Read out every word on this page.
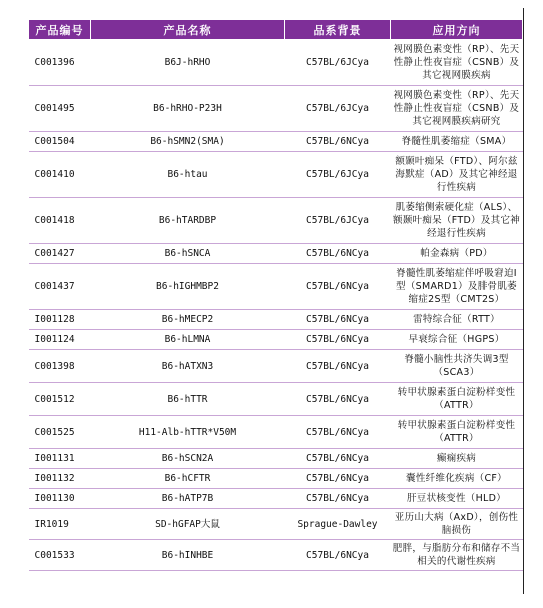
产品编号	产品名称	品系背景	应用方向
C001396	B6J-hRHO	C57BL/6JCya	视网膜色素变性（RP）、先天性静止性夜盲症（CSNB）及其它视网膜疾病
C001495	B6-hRHO-P23H	C57BL/6JCya	视网膜色素变性（RP）、先天性静止性夜盲症（CSNB）及其它视网膜疾病研究
C001504	B6-hSMN2(SMA)	C57BL/6NCya	脊髓性肌萎缩症（SMA）
C001410	B6-htau	C57BL/6JCya	额颞叶痴呆（FTD）、阿尔兹海默症（AD）及其它神经退行性疾病
C001418	B6-hTARDBP	C57BL/6JCya	肌萎缩侧索硬化症（ALS）、额颞叶痴呆（FTD）及其它神经退行性疾病
C001427	B6-hSNCA	C57BL/6NCya	帕金森病（PD）
C001437	B6-hIGHMBP2	C57BL/6NCya	脊髓性肌萎缩症伴呼吸窘迫I型（SMARD1）及腓骨肌萎缩症2S型（CMT2S）
I001128	B6-hMECP2	C57BL/6NCya	雷特综合征（RTT）
I001124	B6-hLMNA	C57BL/6NCya	早衰综合征（HGPS）
C001398	B6-hATXN3	C57BL/6NCya	脊髓小脑性共济失调3型（SCA3）
C001512	B6-hTTR	C57BL/6NCya	转甲状腺素蛋白淀粉样变性（ATTR）
C001525	H11-Alb-hTTR*V50M	C57BL/6NCya	转甲状腺素蛋白淀粉样变性（ATTR）
I001131	B6-hSCN2A	C57BL/6NCya	癫痫疾病
I001132	B6-hCFTR	C57BL/6NCya	囊性纤维化疾病（CF）
I001130	B6-hATP7B	C57BL/6NCya	肝豆状核变性（HLD）
IR1019	SD-hGFAP大鼠	Sprague-Dawley	亚历山大病（AxD），创伤性脑损伤
C001533	B6-hINHBE	C57BL/6NCya	肥胖，与脂肪分布和储存不当相关的代谢性疾病
